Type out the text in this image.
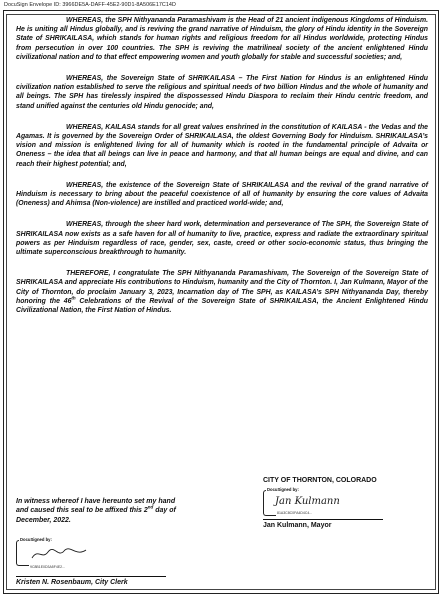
DocuSign Envelope ID: 3966DE5A-DAFF-45E2-90D1-8A506E17C14D

WHEREAS, the SPH Nithyananda Paramashivam is the Head of 21 ancient indigenous Kingdoms of Hinduism. He is uniting all Hindus globally, and is reviving the grand narrative of Hinduism, the glory of Hindu identity in the Sovereign State of SHRIKAILASA, which stands for human rights and religious freedom for all Hindus worldwide, protecting Hindus from persecution in over 100 countries. The SPH is reviving the matrilineal society of the ancient enlightened Hindu civilizational nation and to that effect empowering women and youth globally for stable and successful societies; and,

WHEREAS, the Sovereign State of SHRIKAILASA – The First Nation for Hindus is an enlightened Hindu civilization nation established to serve the religious and spiritual needs of two billion Hindus and the whole of humanity and all beings. The SPH has tirelessly inspired the dispossessed Hindu Diaspora to reclaim their Hindu centric freedom, and stand unified against the centuries old Hindu genocide; and,

WHEREAS, KAILASA stands for all great values enshrined in the constitution of KAILASA - the Vedas and the Agamas. It is governed by the Sovereign Order of SHRIKAILASA, the oldest Governing Body for Hinduism. SHRIKAILASA’s vision and mission is enlightened living for all of humanity which is rooted in the fundamental principle of Advaita or Oneness – the idea that all beings can live in peace and harmony, and that all human beings are equal and divine, and can reach their highest potential; and,

WHEREAS, the existence of the Sovereign State of SHRIKAILASA and the revival of the grand narrative of Hinduism is necessary to bring about the peaceful coexistence of all of humanity by ensuring the core values of Advaita (Oneness) and Ahimsa (Non-violence) are instilled and practiced world-wide; and,

WHEREAS, through the sheer hard work, determination and perseverance of The SPH, the Sovereign State of SHRIKAILASA now exists as a safe haven for all of humanity to live, practice, express and radiate the extraordinary spiritual powers as per Hinduism regardless of race, gender, sex, caste, creed or other socio-economic status, thus bringing the ultimate superconscious breakthrough to humanity.

THEREFORE, I congratulate The SPH Nithyananda Paramashivam, The Sovereign of the Sovereign State of SHRIKAILASA and appreciate His contributions to Hinduism, humanity and the City of Thornton. I, Jan Kulmann, Mayor of the City of Thornton, do proclaim January 3, 2023, Incarnation day of The SPH, as KAILASA’s SPH Nithyananda Day, thereby honoring the 46th Celebrations of the Revival of the Sovereign State of SHRIKAILASA, the Ancient Enlightened Hindu Civilizational Nation, the First Nation of Hindus.

CITY OF THORNTON, COLORADO
DocuSigned by:
Jan Kulmann
81A3C8C0FA4D4C4...
Jan Kulmann, Mayor
In witness whereof I have hereunto set my hand and caused this seal to be affixed this 2nd day of December, 2022.
DocuSigned by:
9C8B1E0D3A5F4E2...
Kristen N. Rosenbaum, City Clerk
